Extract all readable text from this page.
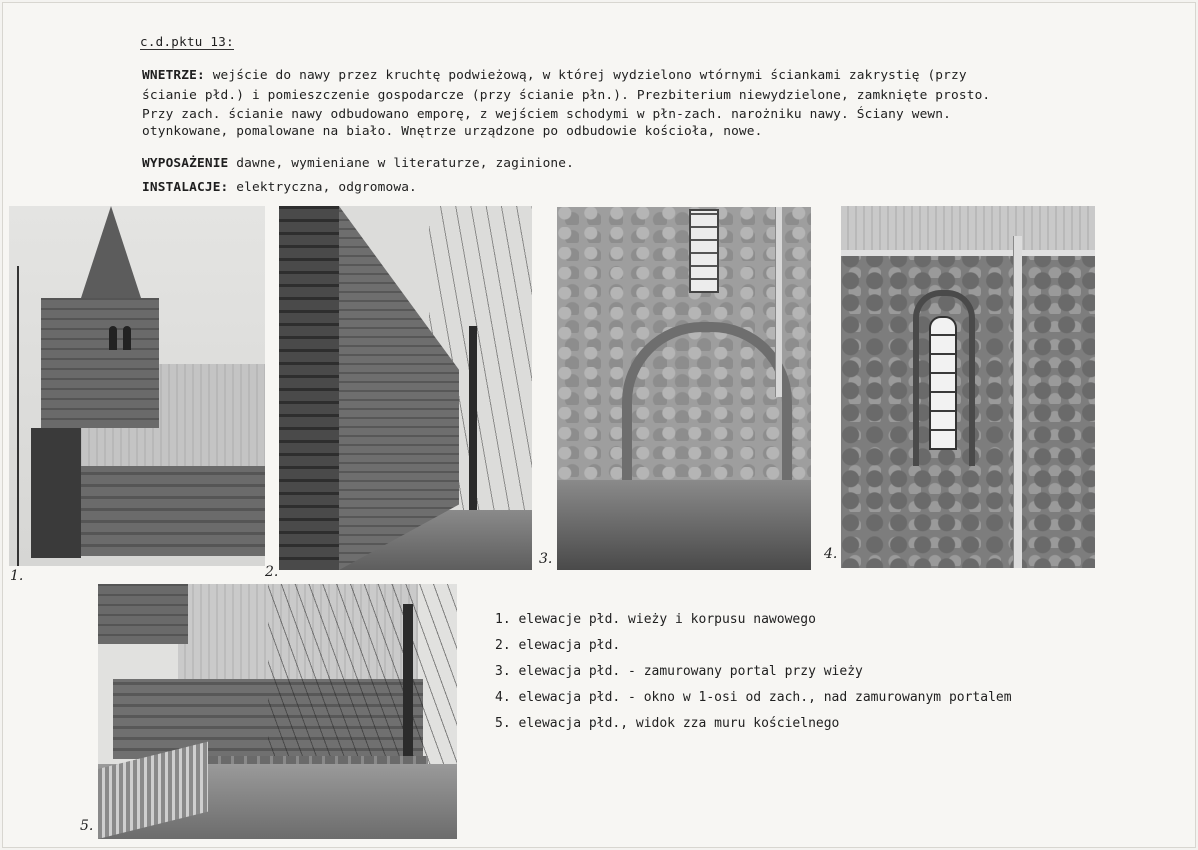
c.d.pktu 13:
WNETRZE: wejście do nawy przez kruchtę podwieżową, w której wydzielono wtórnymi ściankami zakrystię (przy
ścianie płd.) i pomieszczenie gospodarcze (przy ścianie płn.). Prezbiterium niewydzielone, zamknięte prosto.
Przy zach. ścianie nawy odbudowano emporę, z wejściem schodymi w płn-zach. narożniku nawy. Ściany wewn.
otynkowane, pomalowane na biało. Wnętrze urządzone po odbudowie kościoła, nowe.
WYPOSAŻENIE dawne, wymieniane w literaturze, zaginione.
INSTALACJE: elektryczna, odgromowa.
1.	2.
3.	4.
5.
1. elewacje płd. wieży i korpusu nawowego
2. elewacja płd.
3. elewacja płd. - zamurowany portal przy wieży
4. elewacja płd. - okno w 1-osi od zach., nad zamurowanym portalem
5. elewacja płd., widok zza muru kościelnego
